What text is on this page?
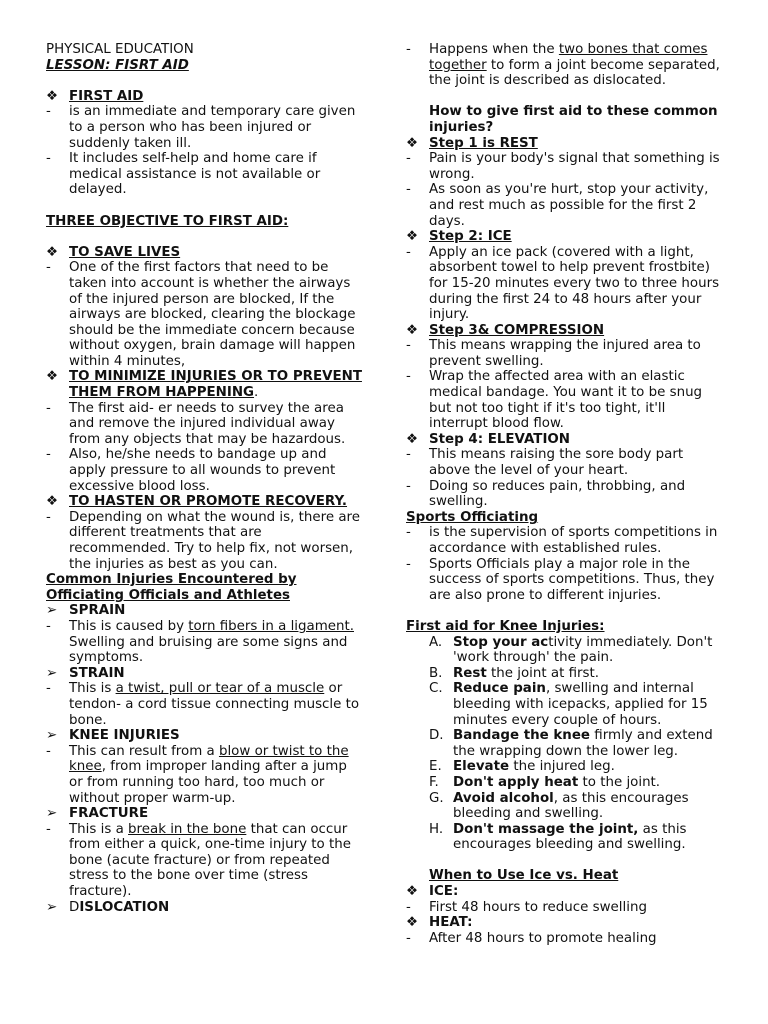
PHYSICAL EDUCATION
LESSON: FISRT AID
❖ FIRST AID
-	is an immediate and temporary care given to a person who has been injured or suddenly taken ill.
-	It includes self-help and home care if medical assistance is not available or delayed.
THREE OBJECTIVE TO FIRST AID:
❖ TO SAVE LIVES
-	One of the first factors that need to be taken into account is whether the airways of the injured person are blocked, If the airways are blocked, clearing the blockage should be the immediate concern because without oxygen, brain damage will happen within 4 minutes,
❖ TO MINIMIZE INJURIES OR TO PREVENT THEM FROM HAPPENING.
-	The first aid- er needs to survey the area and remove the injured individual away from any objects that may be hazardous.
-	Also, he/she needs to bandage up and apply pressure to all wounds to prevent excessive blood loss.
❖ TO HASTEN OR PROMOTE RECOVERY.
-	Depending on what the wound is, there are different treatments that are recommended. Try to help fix, not worsen, the injuries as best as you can.
Common Injuries Encountered by Officiating Officials and Athletes
➢ SPRAIN
-	This is caused by torn fibers in a ligament. Swelling and bruising are some signs and symptoms.
➢ STRAIN
-	This is a twist, pull or tear of a muscle or tendon- a cord tissue connecting muscle to bone.
➢ KNEE INJURIES
-	This can result from a blow or twist to the knee, from improper landing after a jump or from running too hard, too much or without proper warm-up.
➢ FRACTURE
-	This is a break in the bone that can occur from either a quick, one-time injury to the bone (acute fracture) or from repeated stress to the bone over time (stress fracture).
➢ DISLOCATION
-	Happens when the two bones that comes together to form a joint become separated, the joint is described as dislocated.
How to give first aid to these common injuries?
❖ Step 1 is REST
-	Pain is your body's signal that something is wrong.
-	As soon as you're hurt, stop your activity, and rest much as possible for the first 2 days.
❖ Step 2: ICE
-	Apply an ice pack (covered with a light, absorbent towel to help prevent frostbite) for 15-20 minutes every two to three hours during the first 24 to 48 hours after your injury.
❖ Step 3& COMPRESSION
-	This means wrapping the injured area to prevent swelling.
-	Wrap the affected area with an elastic medical bandage. You want it to be snug but not too tight if it's too tight, it'll interrupt blood flow.
❖ Step 4: ELEVATION
-	This means raising the sore body part above the level of your heart.
-	Doing so reduces pain, throbbing, and swelling.
Sports Officiating
-	is the supervision of sports competitions in accordance with established rules.
-	Sports Officials play a major role in the success of sports competitions. Thus, they are also prone to different injuries.
First aid for Knee Injuries:
A. Stop your activity immediately. Don't 'work through' the pain.
B. Rest the joint at first.
C. Reduce pain, swelling and internal bleeding with icepacks, applied for 15 minutes every couple of hours.
D. Bandage the knee firmly and extend the wrapping down the lower leg.
E. Elevate the injured leg.
F.	Don't apply heat to the joint.
G. Avoid alcohol, as this encourages bleeding and swelling.
H. Don't massage the joint, as this encourages bleeding and swelling.
When to Use Ice vs. Heat
❖ ICE:
-	First 48 hours to reduce swelling
❖ HEAT:
-	After 48 hours to promote healing
